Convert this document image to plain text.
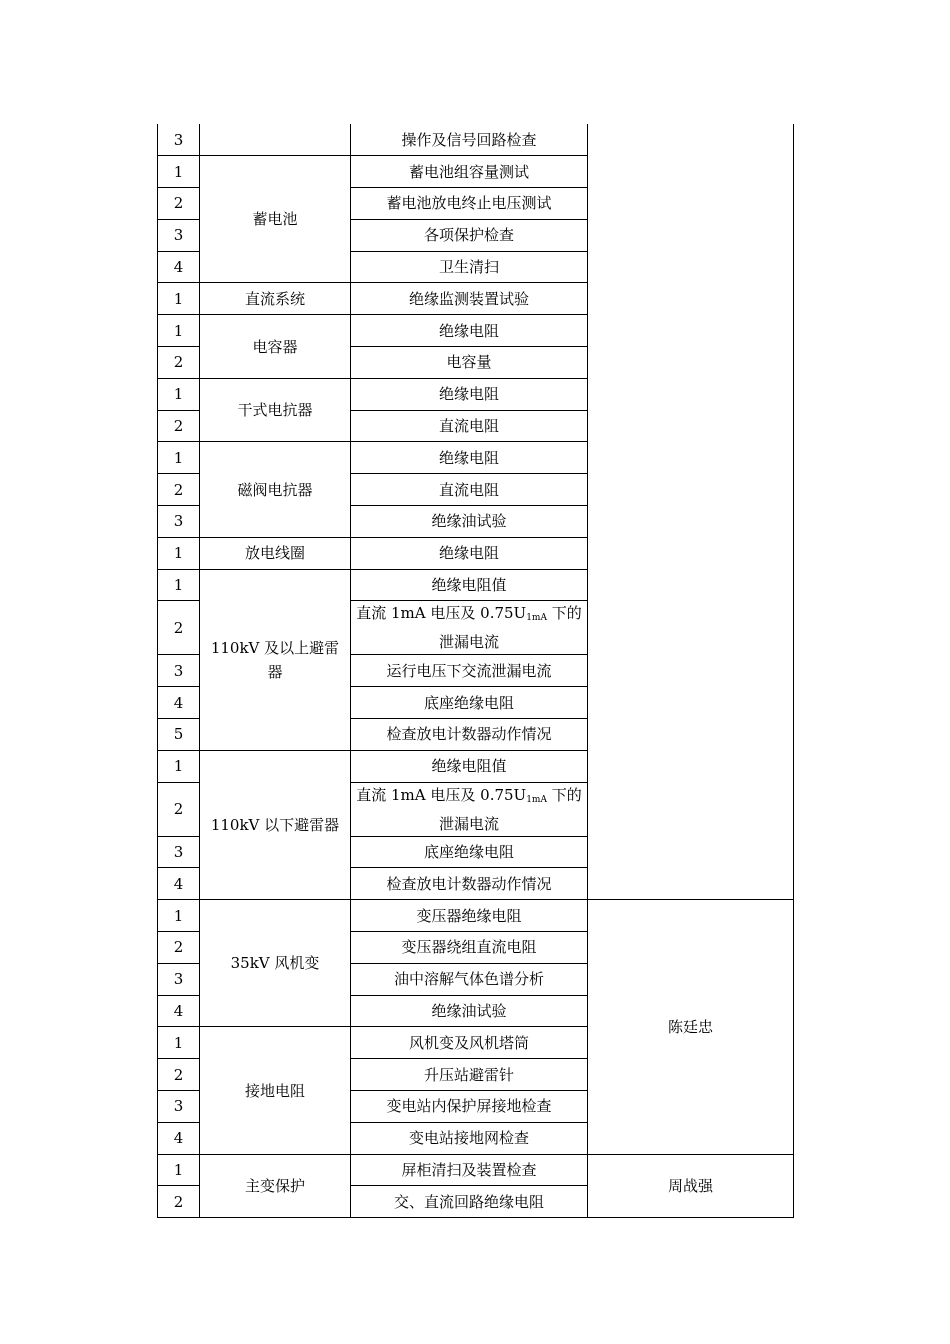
3		操作及信号回路检查	
1	蓄电池	蓄电池组容量测试	
2		蓄电池放电终止电压测试	
3		各项保护检查	
4		卫生清扫	
1	直流系统	绝缘监测装置试验	
1	电容器	绝缘电阻	
2		电容量	
1	干式电抗器	绝缘电阻	
2		直流电阻	
1	磁阀电抗器	绝缘电阻	
2		直流电阻	
3		绝缘油试验	
1	放电线圈	绝缘电阻	
1	110kV 及以上避雷器	绝缘电阻值	
2		直流 1mA 电压及 $0.75U_{1mA}$ 下的泄漏电流	
3		运行电压下交流泄漏电流	
4		底座绝缘电阻	
5		检查放电计数器动作情况	
1	110kV 以下避雷器	绝缘电阻值	
2		直流 1mA 电压及 $0.75U_{1mA}$ 下的泄漏电流	
3		底座绝缘电阻	
4		检查放电计数器动作情况	
1	35kV 风机变	变压器绝缘电阻	陈廷忠
2		变压器绕组直流电阻	
3		油中溶解气体色谱分析	
4		绝缘油试验	
1	接地电阻	风机变及风机塔筒	
2		升压站避雷针	
3		变电站内保护屏接地检查	
4		变电站接地网检查	
1	主变保护	屏柜清扫及装置检查	周战强
2		交、直流回路绝缘电阻	
